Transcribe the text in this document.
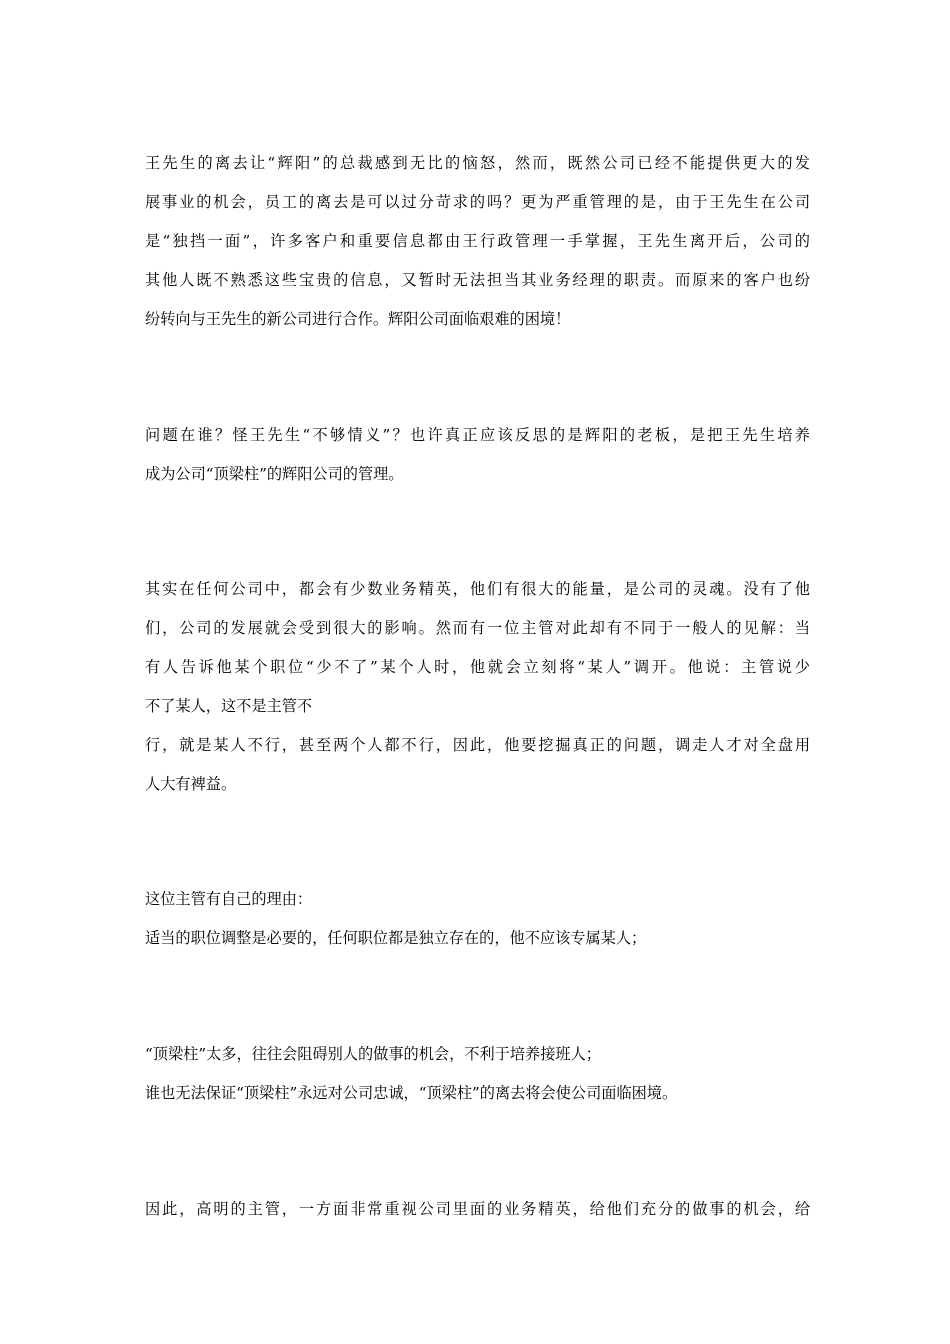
王先生的离去让“辉阳”的总裁感到无比的恼怒，然而，既然公司已经不能提供更大的发
展事业的机会，员工的离去是可以过分苛求的吗？更为严重管理的是，由于王先生在公司
是“独挡一面”，许多客户和重要信息都由王行政管理一手掌握，王先生离开后，公司的
其他人既不熟悉这些宝贵的信息，又暂时无法担当其业务经理的职责。而原来的客户也纷
纷转向与王先生的新公司进行合作。辉阳公司面临艰难的困境！
问题在谁？怪王先生“不够情义”？也许真正应该反思的是辉阳的老板，是把王先生培养
成为公司“顶梁柱”的辉阳公司的管理。
其实在任何公司中，都会有少数业务精英，他们有很大的能量，是公司的灵魂。没有了他
们，公司的发展就会受到很大的影响。然而有一位主管对此却有不同于一般人的见解：当
有人告诉他某个职位“少不了”某个人时，他就会立刻将“某人”调开。他说：主管说少
不了某人，这不是主管不
行，就是某人不行，甚至两个人都不行，因此，他要挖掘真正的问题，调走人才对全盘用
人大有裨益。
这位主管有自己的理由：
适当的职位调整是必要的，任何职位都是独立存在的，他不应该专属某人；
“顶梁柱”太多，往往会阻碍别人的做事的机会，不利于培养接班人；
谁也无法保证“顶梁柱”永远对公司忠诚，“顶梁柱”的离去将会使公司面临困境。
因此，高明的主管，一方面非常重视公司里面的业务精英，给他们充分的做事的机会，给
